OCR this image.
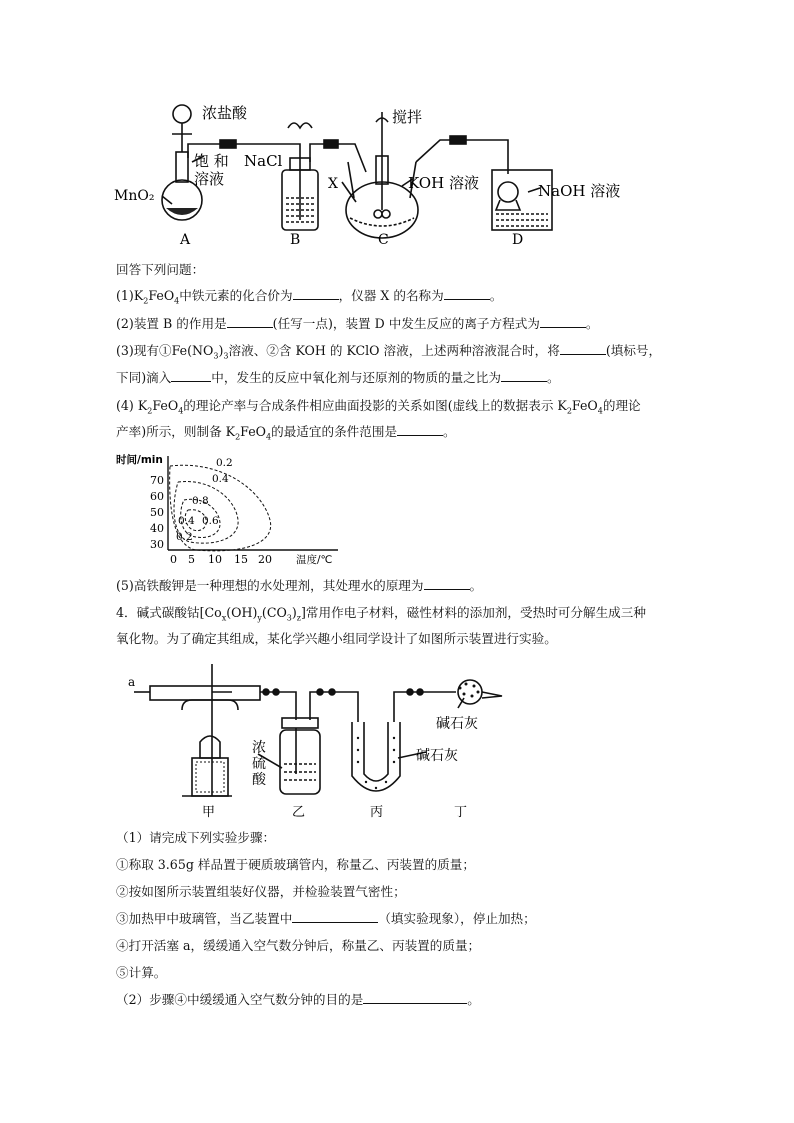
浓盐酸
MnO₂
饱 和 NaCl
溶液
搅拌
X	KOH 溶液	NaOH 溶液
A	B	C	D
回答下列问题：
$(1)K_2FeO_4$中铁元素的化合价为	，仪器 X 的名称为	。
(2)装置 B 的作用是	(任写一点)，装置 D 中发生反应的离子方程式为	。
(3)现有$①Fe(NO_3)_3$溶液、②含 KOH 的 KClO 溶液，上述两种溶液混合时，将	(填标号，
下同)滴入	中，发生的反应中氧化剂与还原剂的物质的量之比为	。
(4) $K_2FeO_4$的理论产率与合成条件相应曲面投影的关系如图(虚线上的数据表示 $K_2FeO_4$的理论
产率)所示，则制备 $K_2FeO_4$的最适宜的条件范围是	。
0.2
0.4
0.8
0.4 0.6
0.2
时间/min
温度/℃
70
60
50
40
30
0 5 10 15 20
(5)高铁酸钾是一种理想的水处理剂，其处理水的原理为	。
4．碱式碳酸钴$[Co_x(OH)_y(CO_3)_z]$常用作电子材料，磁性材料的添加剂，受热时可分解生成三种
氧化物。为了确定其组成，某化学兴趣小组同学设计了如图所示装置进行实验。
a
浓
硫
酸
碱石灰
碱石灰
甲	乙	丙	丁
（1）请完成下列实验步骤：
①称取 3.65g 样品置于硬质玻璃管内，称量乙、丙装置的质量；
②按如图所示装置组装好仪器，并检验装置气密性；
③加热甲中玻璃管，当乙装置中	（填实验现象），停止加热；
④打开活塞 a，缓缓通入空气数分钟后，称量乙、丙装置的质量；
⑤计算。
（2）步骤④中缓缓通入空气数分钟的目的是	。
